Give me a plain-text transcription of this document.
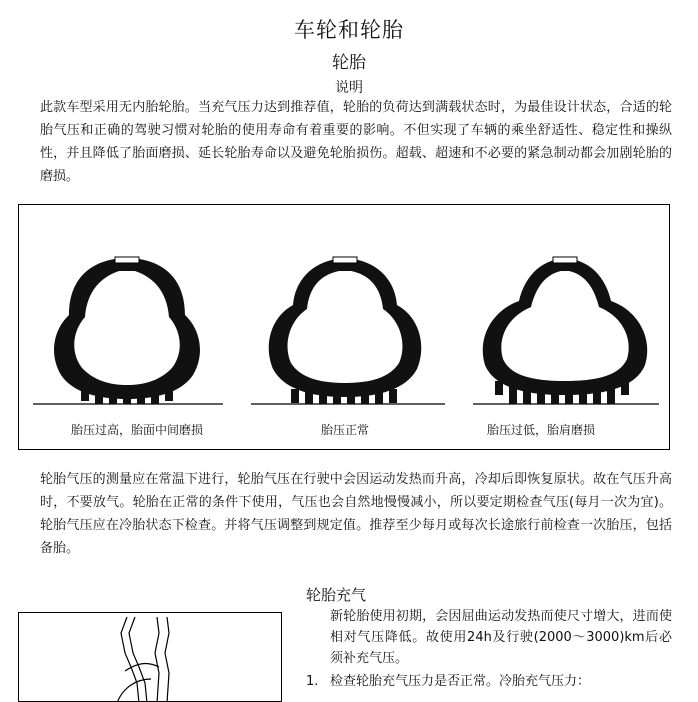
车轮和轮胎
轮胎
说明

此款车型采用无内胎轮胎。当充气压力达到推荐值，轮胎的负荷达到满载状态时，为最佳设计状态，合适的轮胎气压和正确的驾驶习惯对轮胎的使用寿命有着重要的影响。不但实现了车辆的乘坐舒适性、稳定性和操纵性，并且降低了胎面磨损、延长轮胎寿命以及避免轮胎损伤。超载、超速和不必要的紧急制动都会加剧轮胎的磨损。

胎压过高，胎面中间磨损	胎压正常	胎压过低，胎肩磨损

轮胎气压的测量应在常温下进行，轮胎气压在行驶中会因运动发热而升高，冷却后即恢复原状。故在气压升高时，不要放气。轮胎在正常的条件下使用，气压也会自然地慢慢减小，所以要定期检查气压(每月一次为宜)。轮胎气压应在冷胎状态下检查。并将气压调整到规定值。推荐至少每月或每次长途旅行前检查一次胎压，包括备胎。

轮胎充气

新轮胎使用初期，会因屈曲运动发热而使尺寸增大，进而使相对气压降低。故使用24h及行驶(2000～3000)km后必须补充气压。

1. 检查轮胎充气压力是否正常。冷胎充气压力：
